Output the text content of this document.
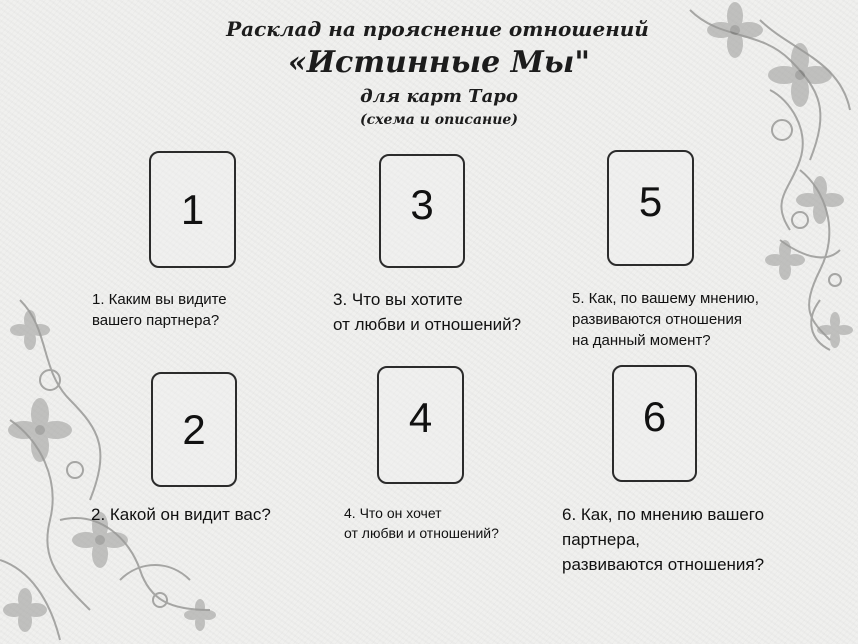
Расклад на прояснение отношений
«Истинные Мы"
для карт Таро
(схема и описание)
1
1. Каким вы видите
вашего партнера?
3
3. Что вы хотите
от любви и отношений?
5
5. Как, по вашему мнению,
развиваются отношения
на данный момент?
2
2. Какой он видит вас?
4
4. Что он хочет
от любви и отношений?
6
6. Как, по мнению вашего
партнера,
развиваются отношения?
